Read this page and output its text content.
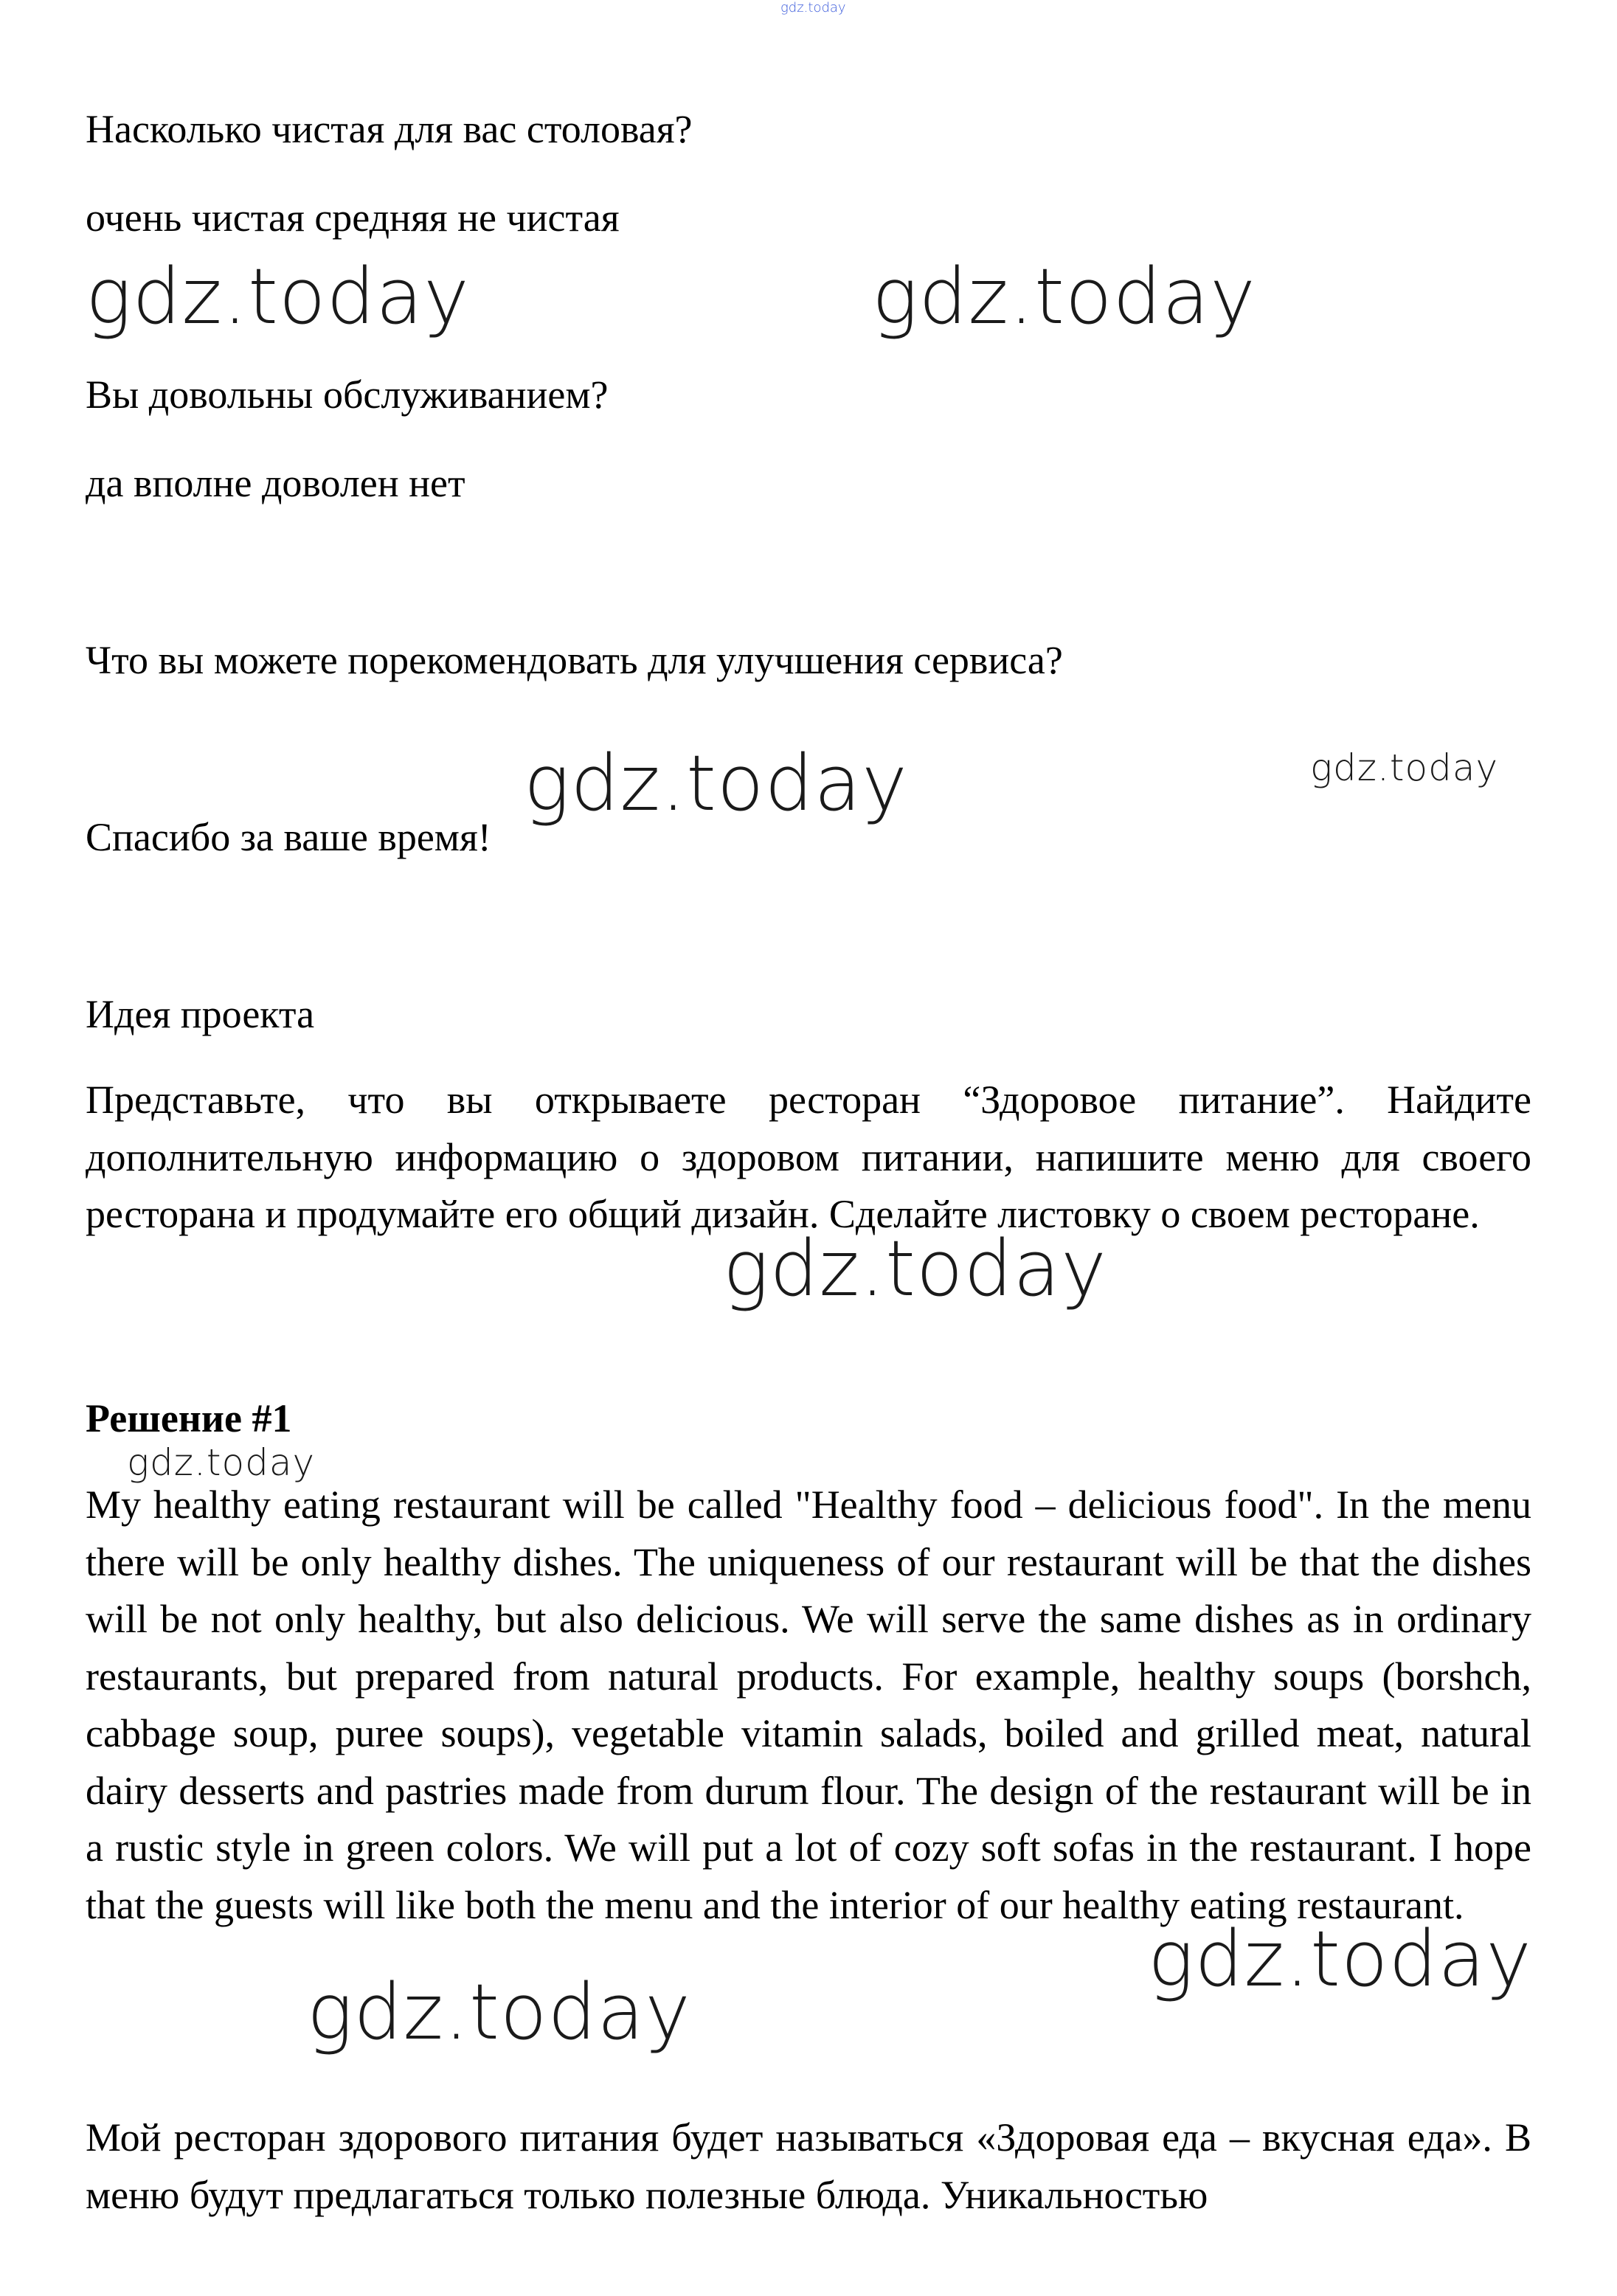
gdz.today
Насколько чистая для вас столовая?
очень чистая средняя не чистая
gdz.today	gdz.today
Вы довольны обслуживанием?
да вполне доволен нет
Что вы можете порекомендовать для улучшения сервиса?
gdz.today	gdz.today
Спасибо за ваше время!
Идея проекта
Представьте, что вы открываете ресторан “Здоровое питание”. Найдите дополнительную информацию о здоровом питании, напишите меню для своего ресторана и продумайте его общий дизайн. Сделайте листовку о своем ресторане.
gdz.today
Решение #1
gdz.today
My healthy eating restaurant will be called "Healthy food – delicious food". In the menu there will be only healthy dishes. The uniqueness of our restaurant will be that the dishes will be not only healthy, but also delicious. We will serve the same dishes as in ordinary restaurants, but prepared from natural products. For example, healthy soups (borshch, cabbage soup, puree soups), vegetable vitamin salads, boiled and grilled meat, natural dairy desserts and pastries made from durum flour. The design of the restaurant will be in a rustic style in green colors. We will put a lot of cozy soft sofas in the restaurant. I hope that the guests will like both the menu and the interior of our healthy eating restaurant.
gdz.today
gdz.today
Мой ресторан здорового питания будет называться «Здоровая еда – вкусная еда». В меню будут предлагаться только полезные блюда. Уникальностью
